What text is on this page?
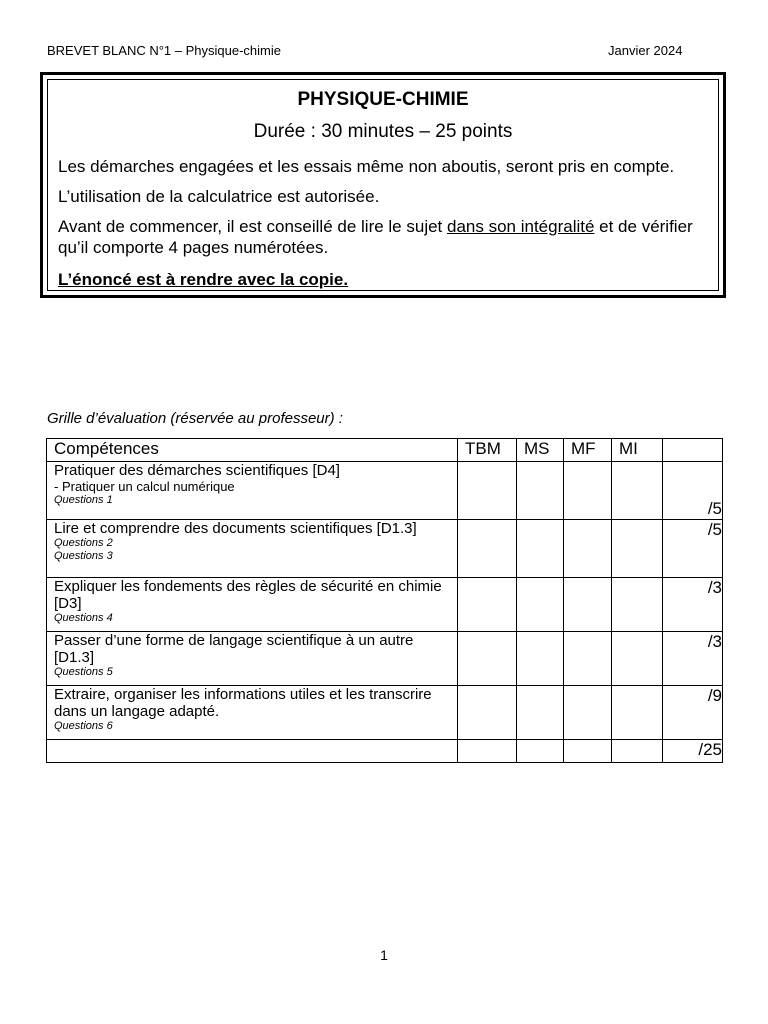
BREVET BLANC N°1 – Physique-chimie	Janvier 2024
PHYSIQUE-CHIMIE
Durée : 30 minutes – 25 points
Les démarches engagées et les essais même non aboutis, seront pris en compte.
L’utilisation de la calculatrice est autorisée.
Avant de commencer, il est conseillé de lire le sujet dans son intégralité et de vérifier qu’il comporte 4 pages numérotées.
L’énoncé est à rendre avec la copie.
Grille d’évaluation (réservée au professeur) :
Compétences	TBM	MS	MF	MI	

Pratiquer des démarches scientifiques [D4]
- Pratiquer un calcul numérique
Questions 1					/5

Lire et comprendre des documents scientifiques [D1.3]
Questions 2
Questions 3					/5

Expliquer les fondements des règles de sécurité en chimie [D3]
Questions 4					/3

Passer d’une forme de langage scientifique à un autre [D1.3]
Questions 5					/3

Extraire, organiser les informations utiles et les transcrire dans un langage adapté.
Questions 6					/9
					/25
1
